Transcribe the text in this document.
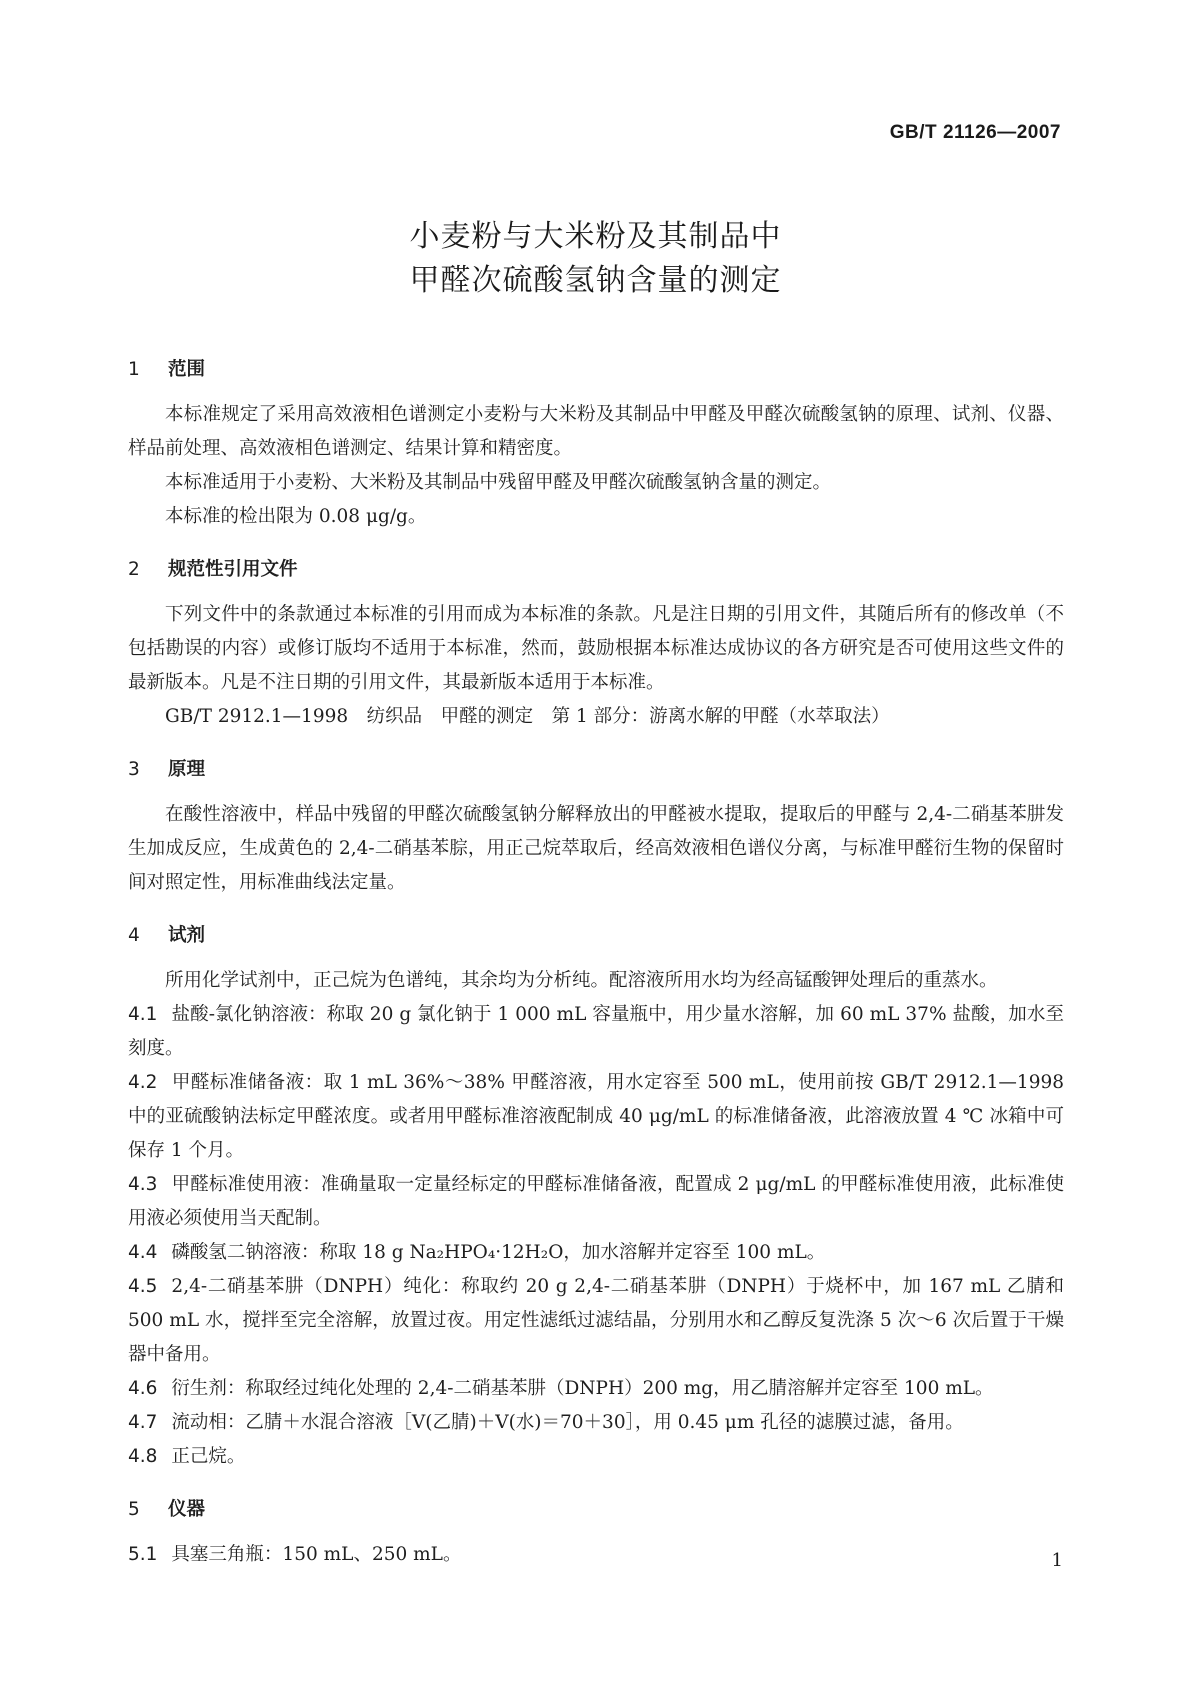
GB/T 21126—2007
小麦粉与大米粉及其制品中
甲醛次硫酸氢钠含量的测定
1 范围
本标准规定了采用高效液相色谱测定小麦粉与大米粉及其制品中甲醛及甲醛次硫酸氢钠的原理、试剂、仪器、样品前处理、高效液相色谱测定、结果计算和精密度。
本标准适用于小麦粉、大米粉及其制品中残留甲醛及甲醛次硫酸氢钠含量的测定。
本标准的检出限为 0.08 μg/g。
2 规范性引用文件
下列文件中的条款通过本标准的引用而成为本标准的条款。凡是注日期的引用文件，其随后所有的修改单（不包括勘误的内容）或修订版均不适用于本标准，然而，鼓励根据本标准达成协议的各方研究是否可使用这些文件的最新版本。凡是不注日期的引用文件，其最新版本适用于本标准。
GB/T 2912.1—1998　纺织品　甲醛的测定　第 1 部分：游离水解的甲醛（水萃取法）
3 原理
在酸性溶液中，样品中残留的甲醛次硫酸氢钠分解释放出的甲醛被水提取，提取后的甲醛与 2,4-二硝基苯肼发生加成反应，生成黄色的 2,4-二硝基苯腙，用正己烷萃取后，经高效液相色谱仪分离，与标准甲醛衍生物的保留时间对照定性，用标准曲线法定量。
4 试剂
所用化学试剂中，正己烷为色谱纯，其余均为分析纯。配溶液所用水均为经高锰酸钾处理后的重蒸水。
4.1 盐酸-氯化钠溶液：称取 20 g 氯化钠于 1 000 mL 容量瓶中，用少量水溶解，加 60 mL 37% 盐酸，加水至刻度。
4.2 甲醛标准储备液：取 1 mL 36%～38% 甲醛溶液，用水定容至 500 mL，使用前按 GB/T 2912.1—1998 中的亚硫酸钠法标定甲醛浓度。或者用甲醛标准溶液配制成 40 μg/mL 的标准储备液，此溶液放置 4 ℃ 冰箱中可保存 1 个月。
4.3 甲醛标准使用液：准确量取一定量经标定的甲醛标准储备液，配置成 2 μg/mL 的甲醛标准使用液，此标准使用液必须使用当天配制。
4.4 磷酸氢二钠溶液：称取 18 g Na₂HPO₄·12H₂O，加水溶解并定容至 100 mL。
4.5 2,4-二硝基苯肼（DNPH）纯化：称取约 20 g 2,4-二硝基苯肼（DNPH）于烧杯中，加 167 mL 乙腈和 500 mL 水，搅拌至完全溶解，放置过夜。用定性滤纸过滤结晶，分别用水和乙醇反复洗涤 5 次～6 次后置于干燥器中备用。
4.6 衍生剂：称取经过纯化处理的 2,4-二硝基苯肼（DNPH）200 mg，用乙腈溶解并定容至 100 mL。
4.7 流动相：乙腈＋水混合溶液［V(乙腈)＋V(水)＝70＋30］，用 0.45 μm 孔径的滤膜过滤，备用。
4.8 正己烷。
5 仪器
5.1 具塞三角瓶：150 mL、250 mL。	1
